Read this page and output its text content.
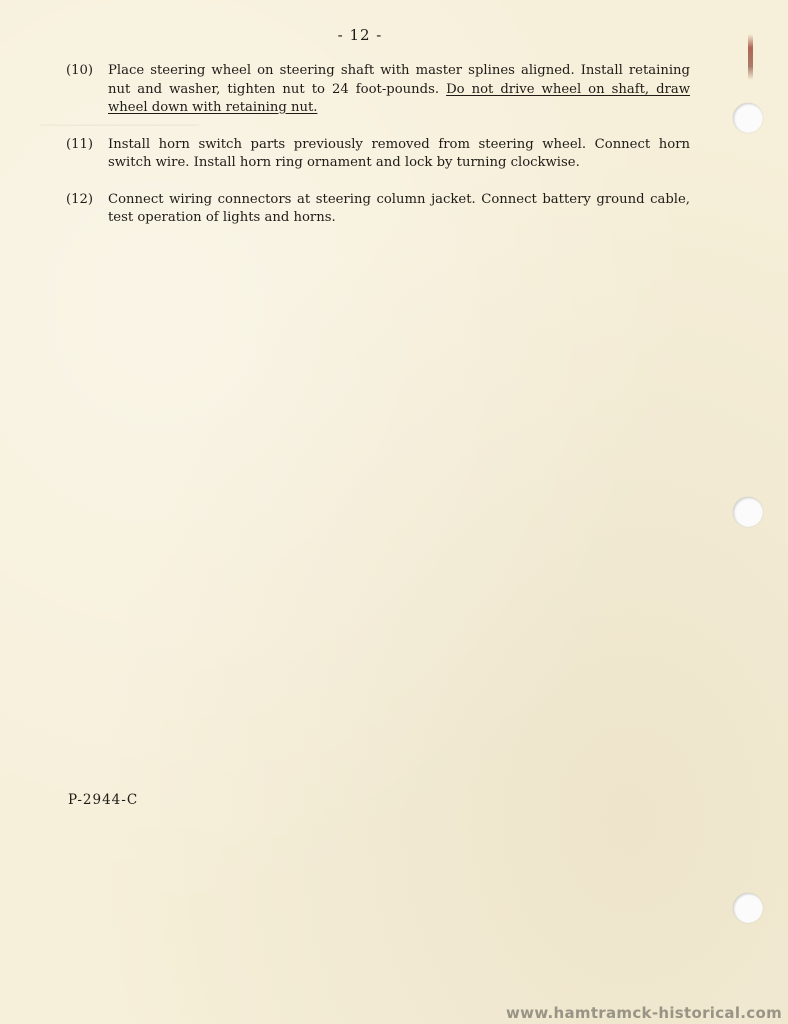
- 12 -

────────────────────────

(10)	Place steering wheel on steering shaft with master splines aligned. Install retaining nut and washer, tighten nut to 24 foot-pounds. Do not drive wheel on shaft, draw wheel down with retaining nut.
(11)	Install horn switch parts previously removed from steering wheel. Connect horn switch wire. Install horn ring ornament and lock by turning clockwise.
(12)	Connect wiring connectors at steering column jacket. Connect battery ground cable, test operation of lights and horns.
P-2944-C
www.hamtramck-historical.com
